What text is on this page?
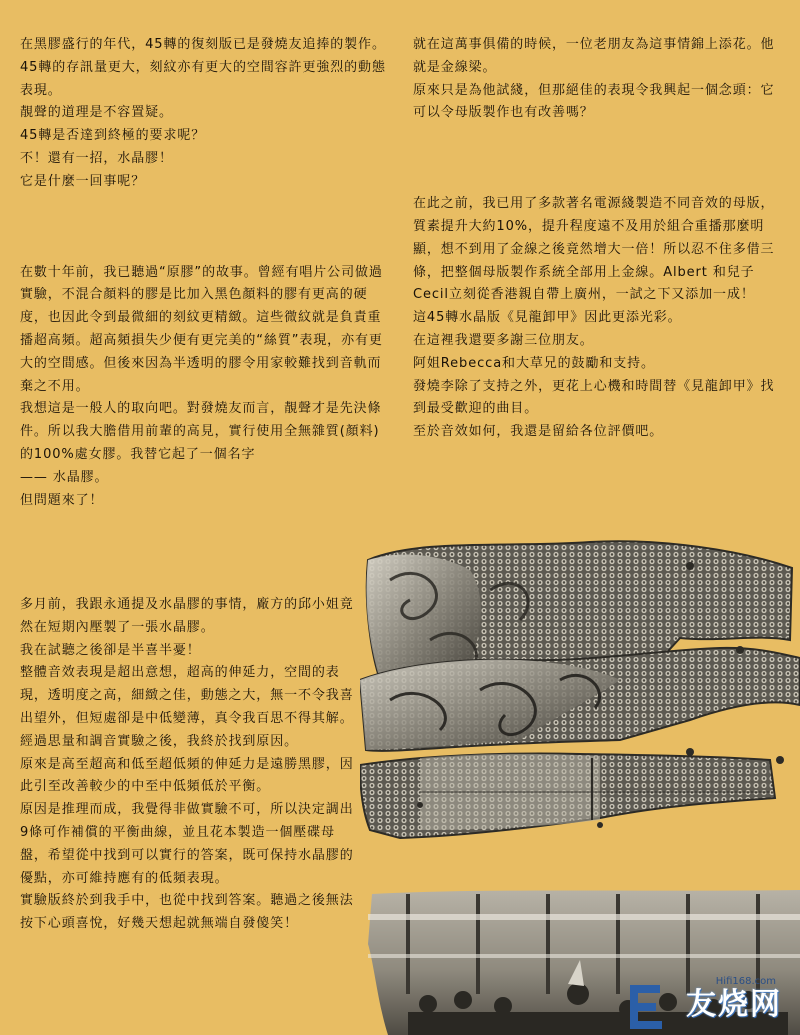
在黑膠盛行的年代，45轉的復刻版已是發燒友追捧的製作。

45轉的存訊量更大，刻紋亦有更大的空間容許更強烈的動態表現。

靚聲的道理是不容置疑。

45轉是否達到終極的要求呢？

不！還有一招，水晶膠！

它是什麼一回事呢？

在數十年前，我已聽過“原膠”的故事。曾經有唱片公司做過實驗，不混合顏料的膠是比加入黑色顏料的膠有更高的硬度，也因此令到最微細的刻紋更精緻。這些微紋就是負責重播超高頻。超高頻損失少便有更完美的“絲質”表現，亦有更大的空間感。但後來因為半透明的膠令用家較難找到音軌而棄之不用。

我想這是一般人的取向吧。對發燒友而言，靚聲才是先決條件。所以我大膽借用前輩的高見，實行使用全無雜質(顏料)的100%處女膠。我替它起了一個名字

—— 水晶膠。

但問題來了！

多月前，我跟永通提及水晶膠的事情，廠方的邱小姐竟然在短期內壓製了一張水晶膠。

我在試聽之後卻是半喜半憂！

整體音效表現是超出意想，超高的伸延力，空間的表現，透明度之高，細緻之佳，動態之大，無一不令我喜出望外，但短處卻是中低變薄，真令我百思不得其解。經過思量和調音實驗之後，我終於找到原因。

原來是高至超高和低至超低頻的伸延力是遠勝黑膠，因此引至改善較少的中至中低頻低於平衡。

原因是推理而成，我覺得非做實驗不可，所以決定調出9條可作補償的平衡曲線，並且花本製造一個壓碟母盤，希望從中找到可以實行的答案，既可保持水晶膠的優點，亦可維持應有的低頻表現。

實驗版終於到我手中，也從中找到答案。聽過之後無法按下心頭喜悅，好幾天想起就無端自發傻笑！

就在這萬事俱備的時候，一位老朋友為這事情錦上添花。他就是金線梁。

原來只是為他試綫，但那絕佳的表現令我興起一個念頭：它可以令母版製作也有改善嗎？

在此之前，我已用了多款著名電源綫製造不同音效的母版，質素提升大約10%，提升程度遠不及用於組合重播那麼明顯，想不到用了金線之後竟然增大一倍！所以忍不住多借三條，把整個母版製作系統全部用上金線。Albert 和兒子 Cecil立刻從香港親自帶上廣州，一試之下又添加一成！

這45轉水晶版《見龍卸甲》因此更添光彩。

在這裡我還要多謝三位朋友。

阿姐Rebecca和大草兄的鼓勵和支持。

發燒李除了支持之外，更花上心機和時間替《見龍卸甲》找到最受歡迎的曲目。

至於音效如何，我還是留給各位評價吧。

Hifi168.com
友烧网
